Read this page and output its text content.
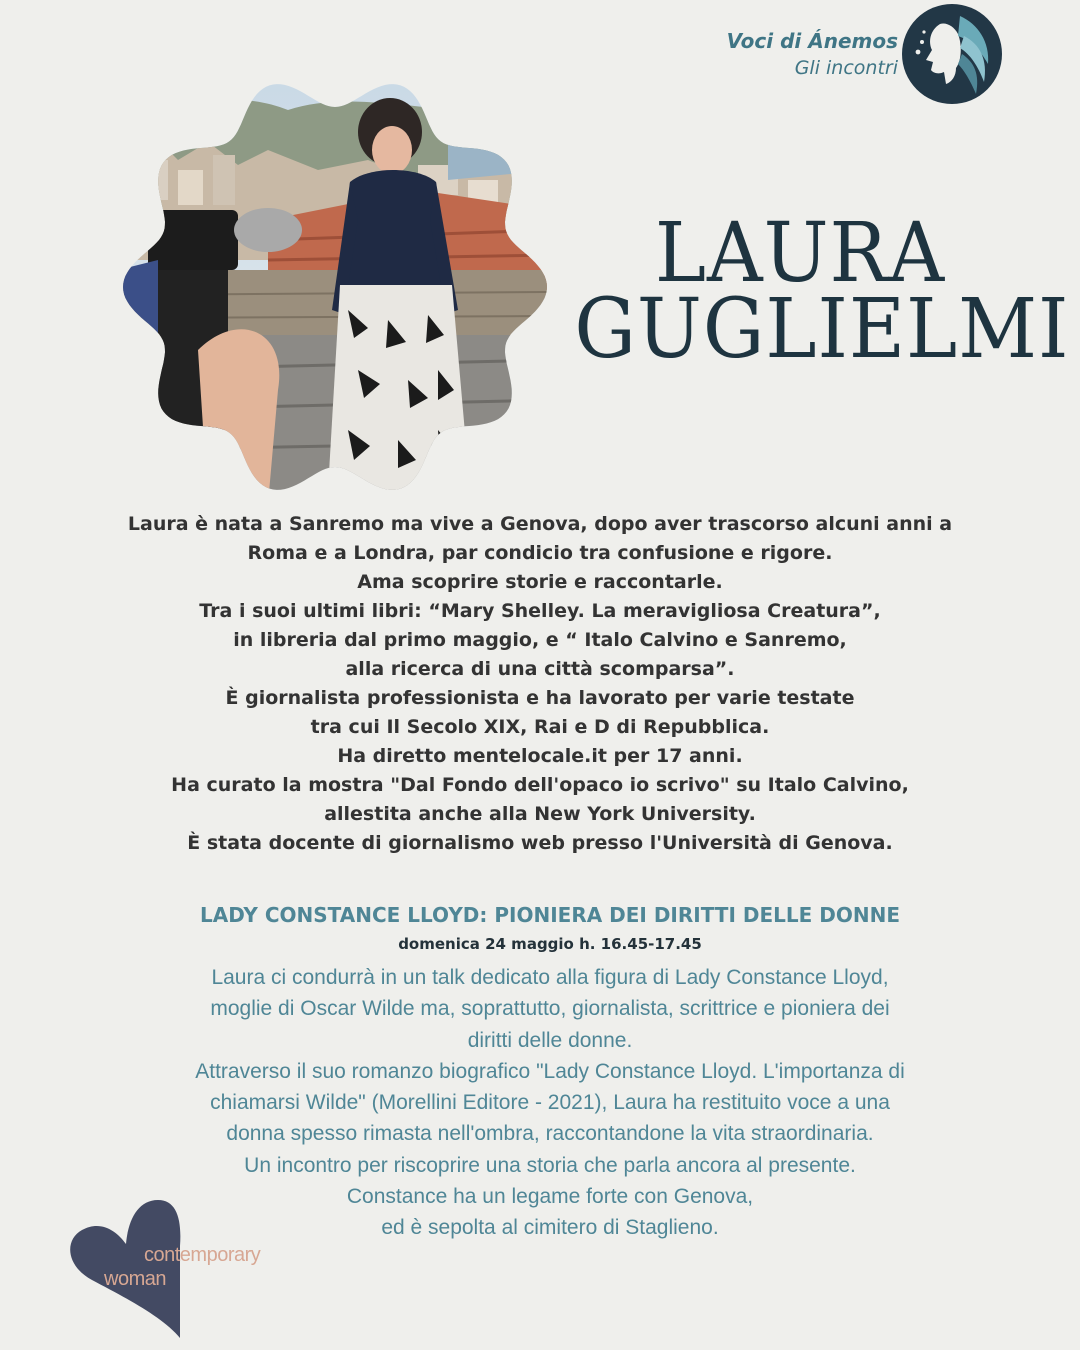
Voci di Ánemos
Gli incontri
LAURA
GUGLIELMI
Laura è nata a Sanremo ma vive a Genova, dopo aver trascorso alcuni anni a
Roma e a Londra, par condicio tra confusione e rigore.
Ama scoprire storie e raccontarle.
Tra i suoi ultimi libri: “Mary Shelley. La meravigliosa Creatura”,
in libreria dal primo maggio, e “ Italo Calvino e Sanremo,
alla ricerca di una città scomparsa”.
È giornalista professionista e ha lavorato per varie testate
tra cui Il Secolo XIX, Rai e D di Repubblica.
Ha diretto mentelocale.it per 17 anni.
Ha curato la mostra "Dal Fondo dell'opaco io scrivo" su Italo Calvino,
allestita anche alla New York University.
È stata docente di giornalismo web presso l'Università di Genova.
LADY CONSTANCE LLOYD: PIONIERA DEI DIRITTI DELLE DONNE
domenica 24 maggio h. 16.45-17.45
Laura ci condurrà in un talk dedicato alla figura di Lady Constance Lloyd,
moglie di Oscar Wilde ma, soprattutto, giornalista, scrittrice e pioniera dei
diritti delle donne.
Attraverso il suo romanzo biografico "Lady Constance Lloyd. L'importanza di
chiamarsi Wilde" (Morellini Editore - 2021), Laura ha restituito voce a una
donna spesso rimasta nell'ombra, raccontandone la vita straordinaria.
Un incontro per riscoprire una storia che parla ancora al presente.
Constance ha un legame forte con Genova,
ed è sepolta al cimitero di Staglieno.
contemporary
woman
